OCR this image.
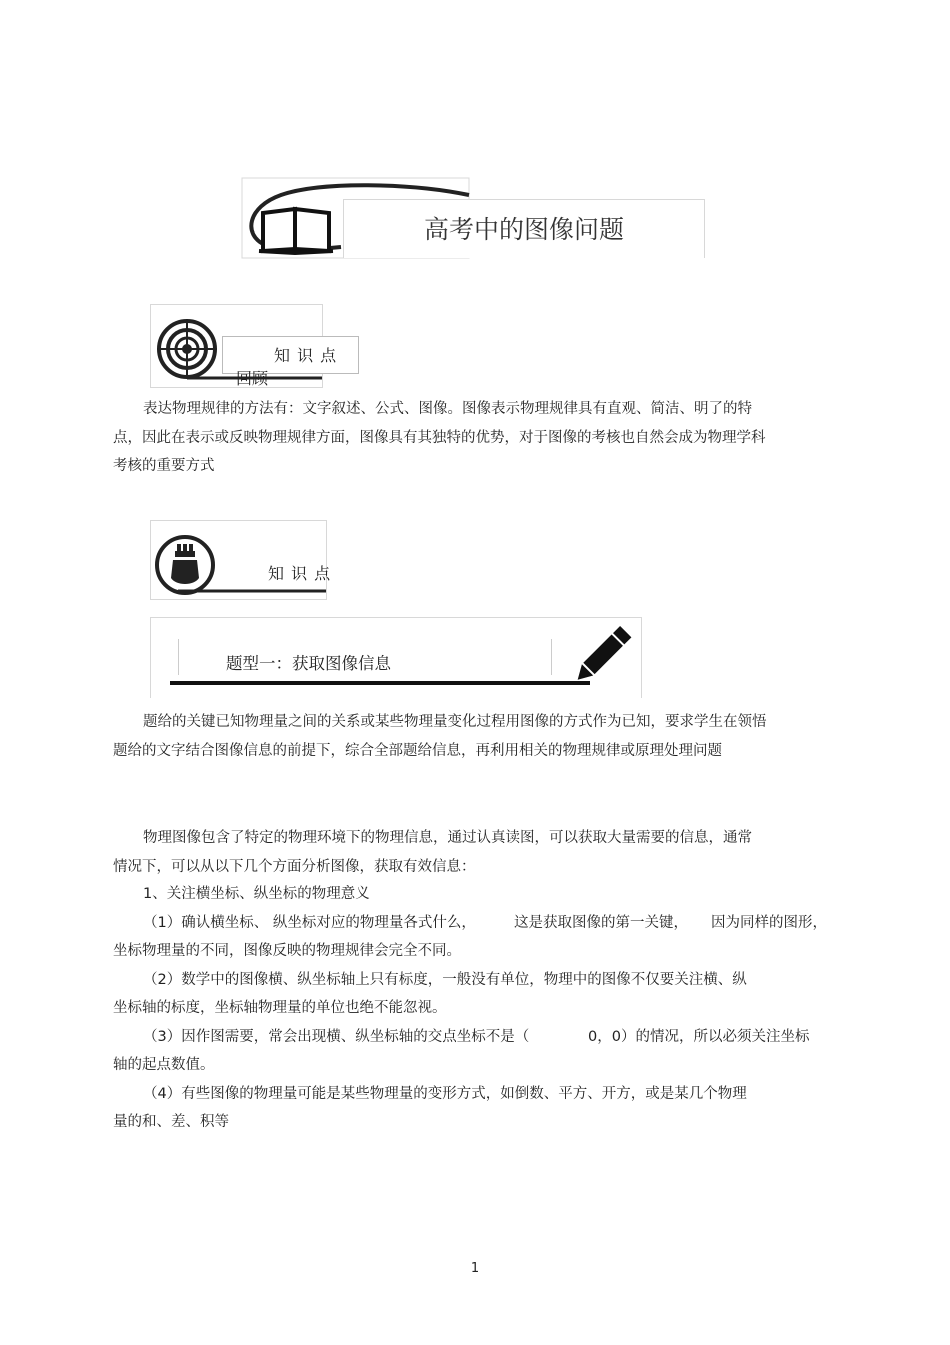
高考中的图像问题
知 识 点
回顾
表达物理规律的方法有：文字叙述、公式、图像。图像表示物理规律具有直观、简洁、明了的特点，因此在表示或反映物理规律方面，图像具有其独特的优势，对于图像的考核也自然会成为物理学科考核的重要方式
知 识 点
题型一：获取图像信息
题给的关键已知物理量之间的关系或某些物理量变化过程用图像的方式作为已知，要求学生在领悟题给的文字结合图像信息的前提下，综合全部题给信息，再利用相关的物理规律或原理处理问题
物理图像包含了特定的物理环境下的物理信息，通过认真读图，可以获取大量需要的信息，通常情况下，可以从以下几个方面分析图像，获取有效信息：
1、关注横坐标、纵坐标的物理意义
（1）确认横坐标、 纵坐标对应的物理量各式什么，	这是获取图像的第一关键， 因为同样的图形，
坐标物理量的不同，图像反映的物理规律会完全不同。
（2）数学中的图像横、纵坐标轴上只有标度，一般没有单位，物理中的图像不仅要关注横、纵
坐标轴的标度，坐标轴物理量的单位也绝不能忽视。
（3）因作图需要，常会出现横、纵坐标轴的交点坐标不是（	0，0）的情况，所以必须关注坐标
轴的起点数值。
（4）有些图像的物理量可能是某些物理量的变形方式，如倒数、平方、开方，或是某几个物理
量的和、差、积等
1
